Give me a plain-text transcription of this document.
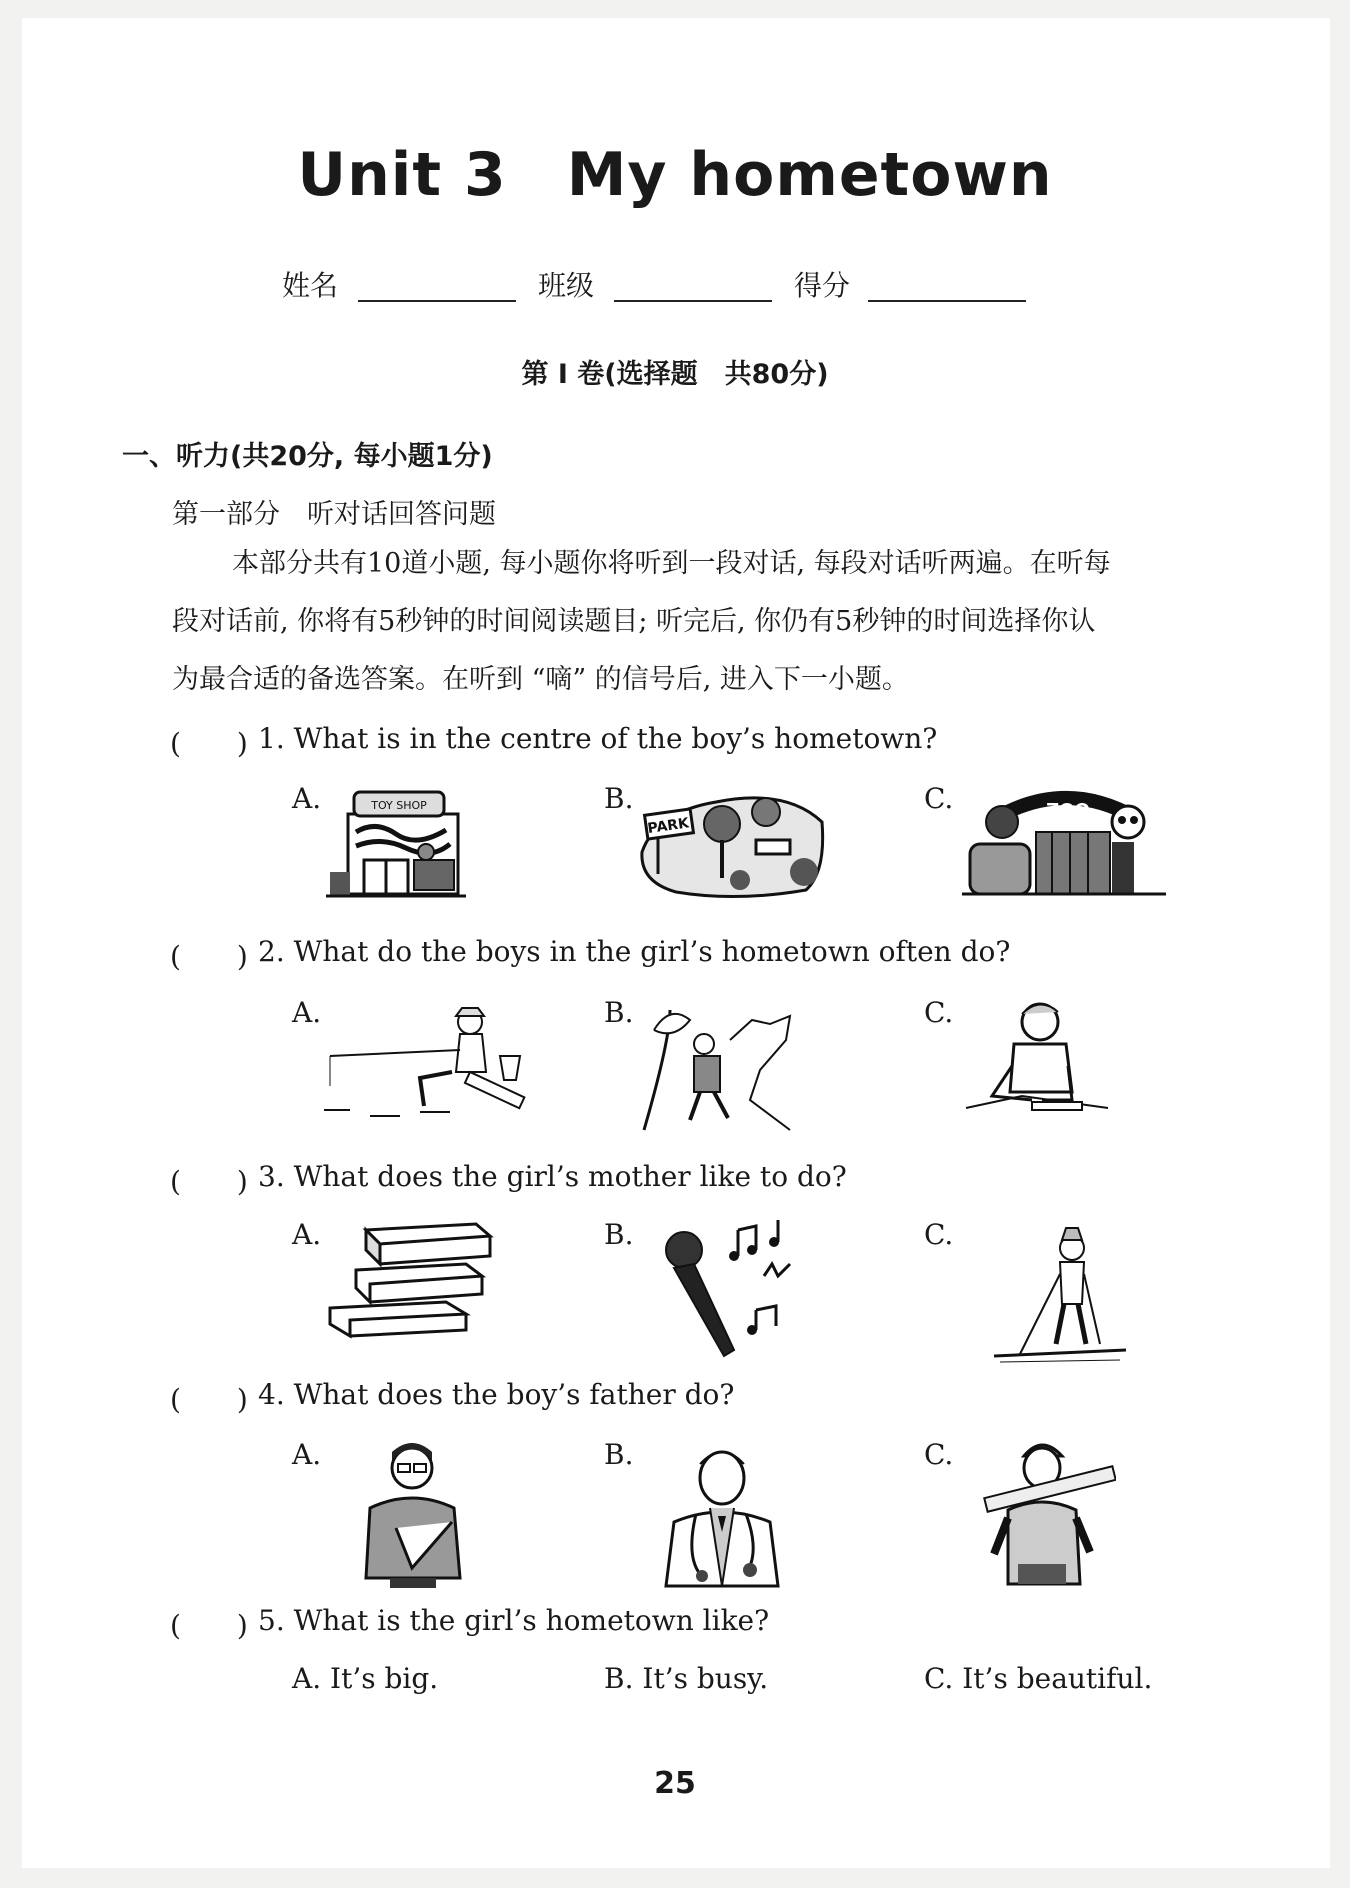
Unit 3 My hometown
姓名	班级	得分
第 I 卷(选择题　共80分)
一、听力(共20分, 每小题1分)
第一部分　听对话回答问题
本部分共有10道小题, 每小题你将听到一段对话, 每段对话听两遍。在听每
段对话前, 你将有5秒钟的时间阅读题目; 听完后, 你仍有5秒钟的时间选择你认
为最合适的备选答案。在听到 “嘀” 的信号后, 进入下一小题。
(　　) 1. What is in the centre of the boy’s hometown?
A.	B.	C.
TOY SHOP
PARK
ZOO
(　　) 2. What do the boys in the girl’s hometown often do?
A.	B.	C.
(　　) 3. What does the girl’s mother like to do?
A.	B.	C.
(　　) 4. What does the boy’s father do?
A.	B.	C.
(　　) 5. What is the girl’s hometown like?
A. It’s big.	B. It’s busy.	C. It’s beautiful.
25
